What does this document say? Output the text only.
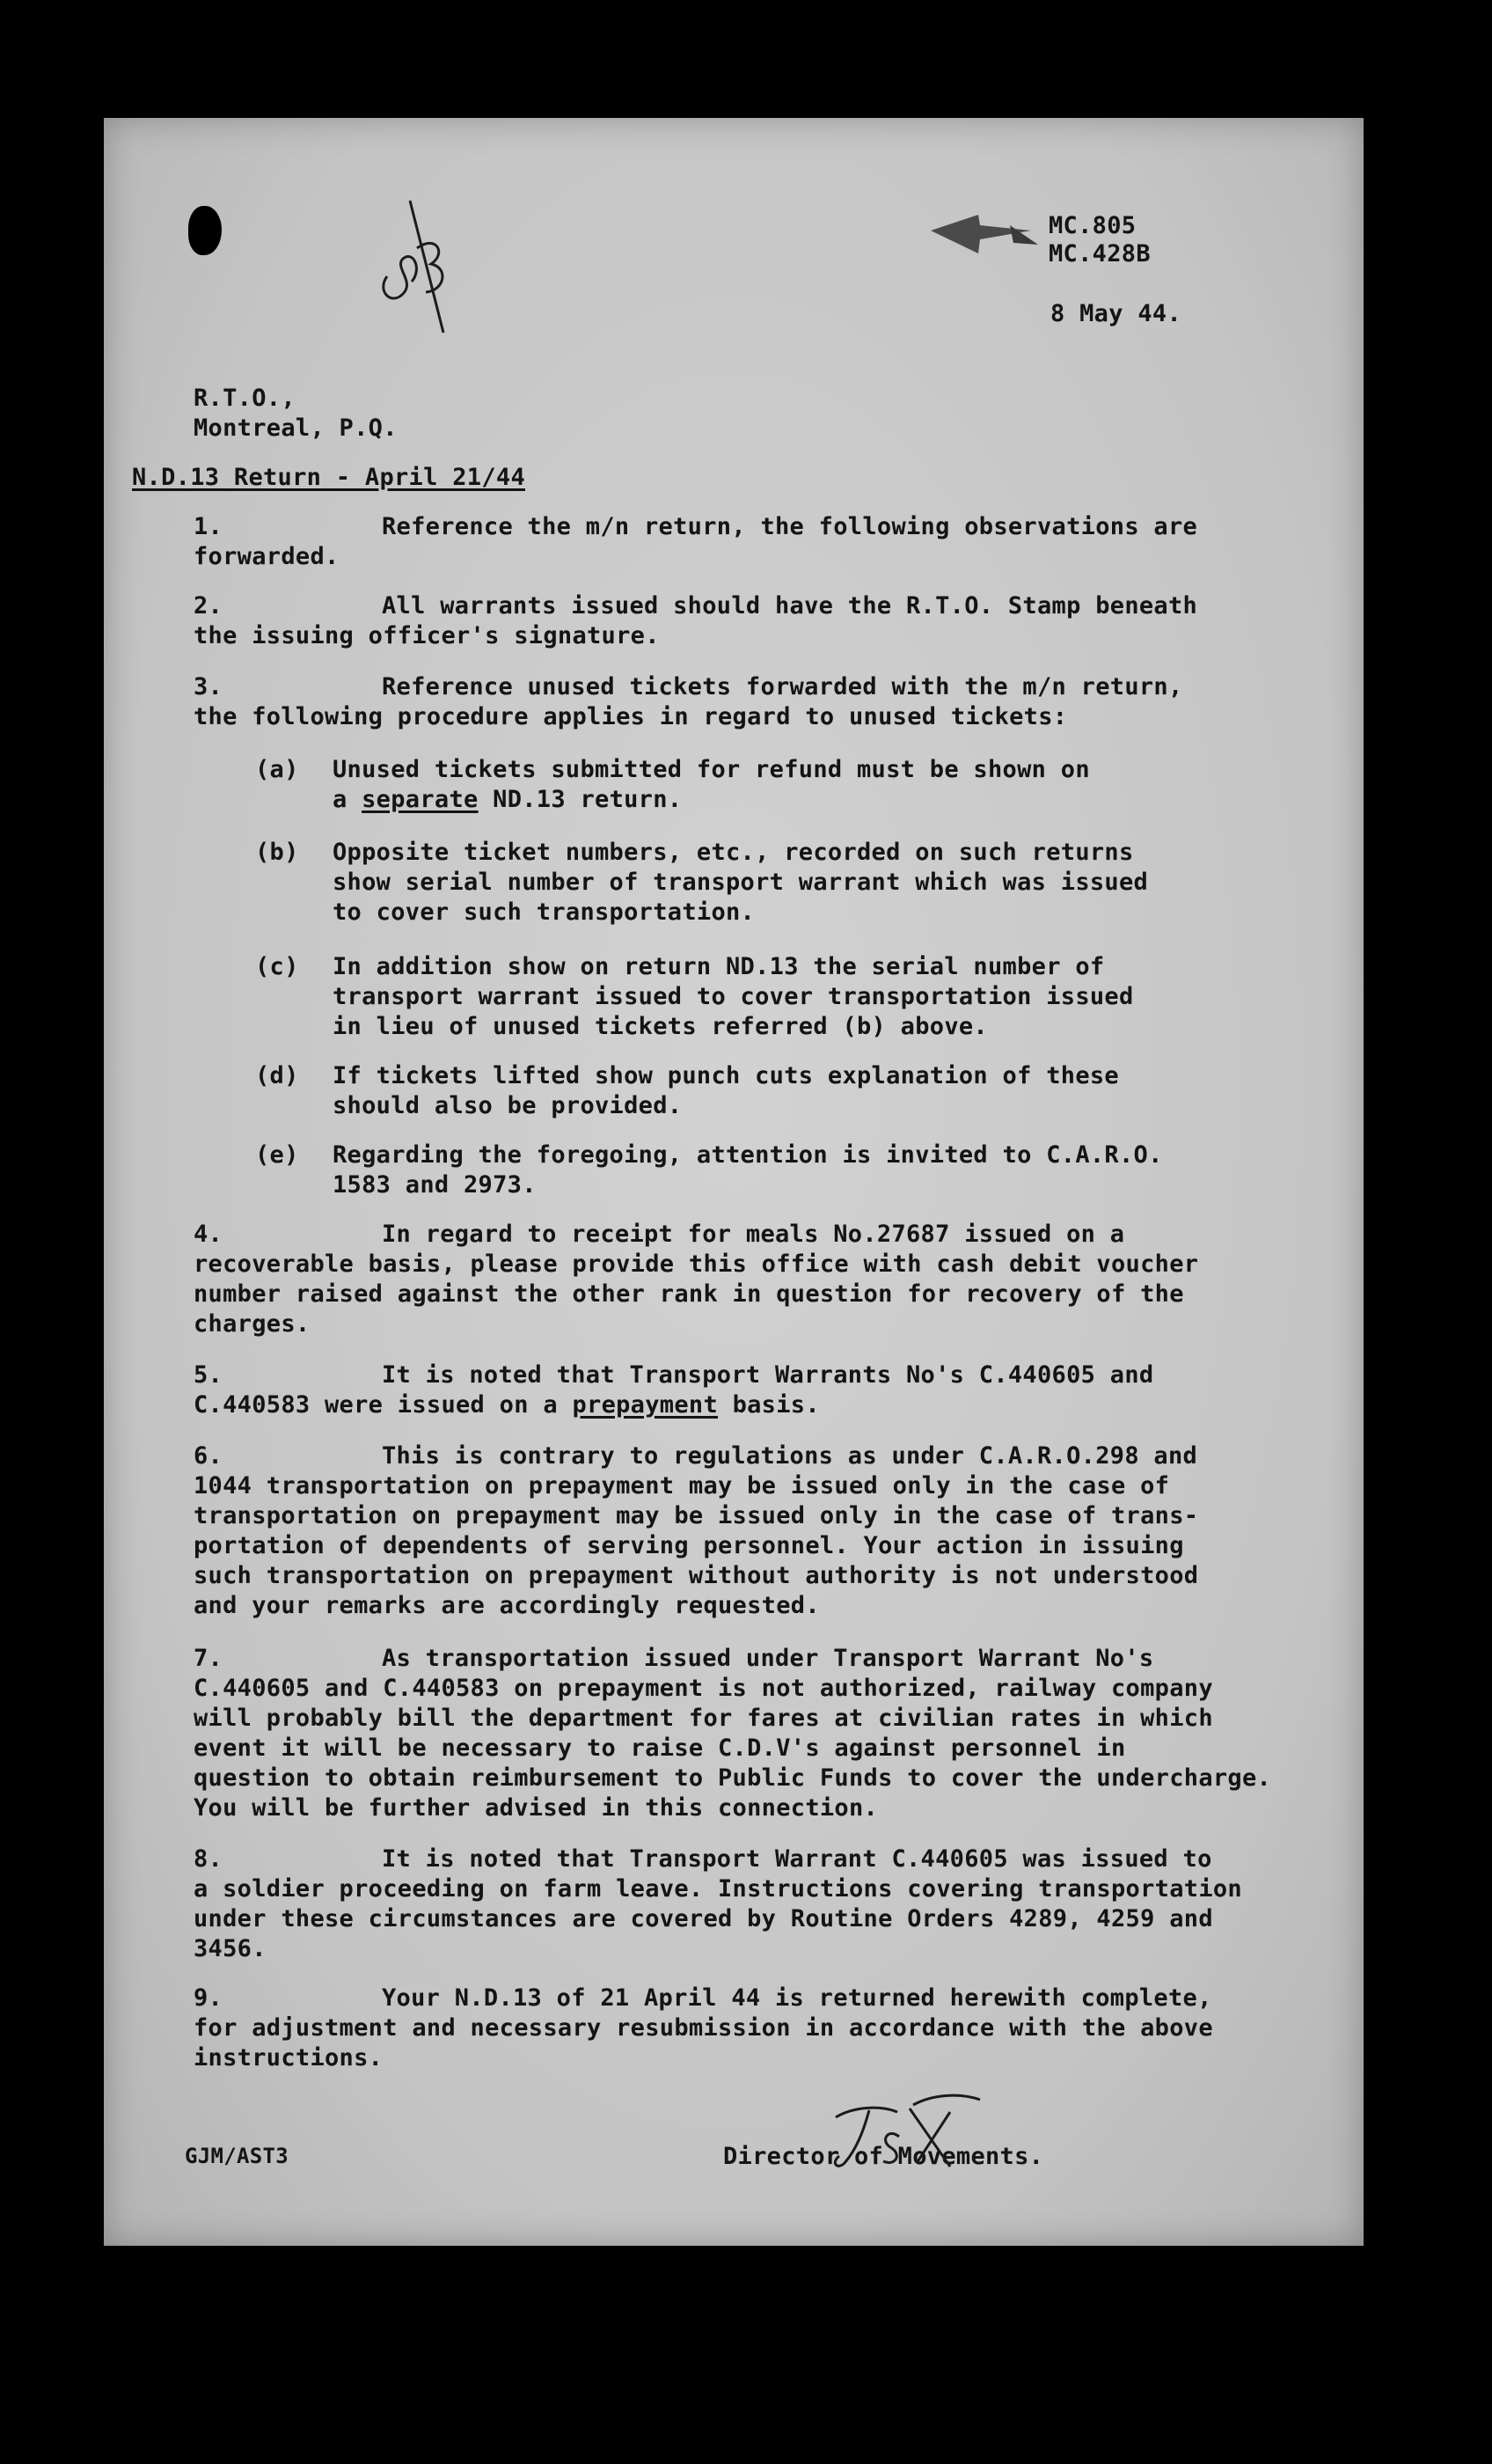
MC.805
MC.428B
8 May 44.
R.T.O.,
Montreal, P.Q.
N.D.13 Return - April 21/44
1.	Reference the m/n return, the following observations are
forwarded.
2.	All warrants issued should have the R.T.O. Stamp beneath
the issuing officer's signature.
3.	Reference unused tickets forwarded with the m/n return,
the following procedure applies in regard to unused tickets:
(a) Unused tickets submitted for refund must be shown on
a separate ND.13 return.
(b) Opposite ticket numbers, etc., recorded on such returns
show serial number of transport warrant which was issued
to cover such transportation.
(c) In addition show on return ND.13 the serial number of
transport warrant issued to cover transportation issued
in lieu of unused tickets referred (b) above.
(d) If tickets lifted show punch cuts explanation of these
should also be provided.
(e) Regarding the foregoing, attention is invited to C.A.R.O.
1583 and 2973.
4.	In regard to receipt for meals No.27687 issued on a
recoverable basis, please provide this office with cash debit voucher
number raised against the other rank in question for recovery of the
charges.
5.	It is noted that Transport Warrants No's C.440605 and
C.440583 were issued on a prepayment basis.
6.	This is contrary to regulations as under C.A.R.O.298 and
1044 transportation on prepayment may be issued only in the case of
transportation on prepayment may be issued only in the case of trans-
portation of dependents of serving personnel. Your action in issuing
such transportation on prepayment without authority is not understood
and your remarks are accordingly requested.
7.	As transportation issued under Transport Warrant No's
C.440605 and C.440583 on prepayment is not authorized, railway company
will probably bill the department for fares at civilian rates in which
event it will be necessary to raise C.D.V's against personnel in
question to obtain reimbursement to Public Funds to cover the undercharge.
You will be further advised in this connection.
8.	It is noted that Transport Warrant C.440605 was issued to
a soldier proceeding on farm leave. Instructions covering transportation
under these circumstances are covered by Routine Orders 4289, 4259 and
3456.
9.	Your N.D.13 of 21 April 44 is returned herewith complete,
for adjustment and necessary resubmission in accordance with the above
instructions.
GJM/AST3	Director of Movements.
